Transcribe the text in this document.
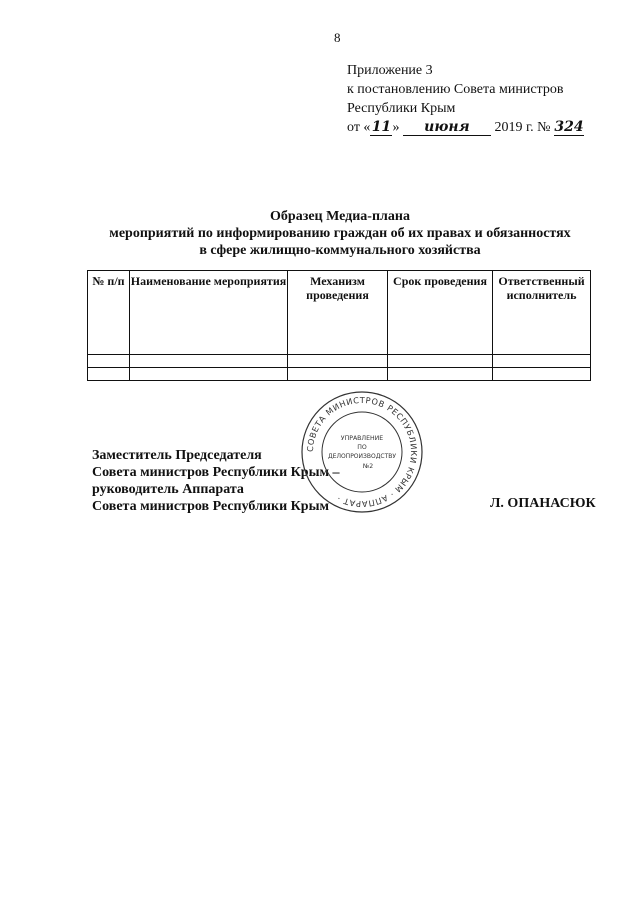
8
Приложение 3
к постановлению Совета министров
Республики Крым
от «11» июня 2019 г. № 324
Образец Медиа-плана
мероприятий по информированию граждан об их правах и обязанностях
в сфере жилищно-коммунального хозяйства
№ п/п	Наименование мероприятия	Механизм проведения	Срок проведения	Ответственный исполнитель

Заместитель Председателя
Совета министров Республики Крым –
руководитель Аппарата
Совета министров Республики Крым	Л. ОПАНАСЮК
СОВЕТА МИНИСТРОВ РЕСПУБЛИКИ КРЫМ · АППАРАТ ·
УПРАВЛЕНИЕ
ПО
ДЕЛОПРОИЗВОДСТВУ
№2
